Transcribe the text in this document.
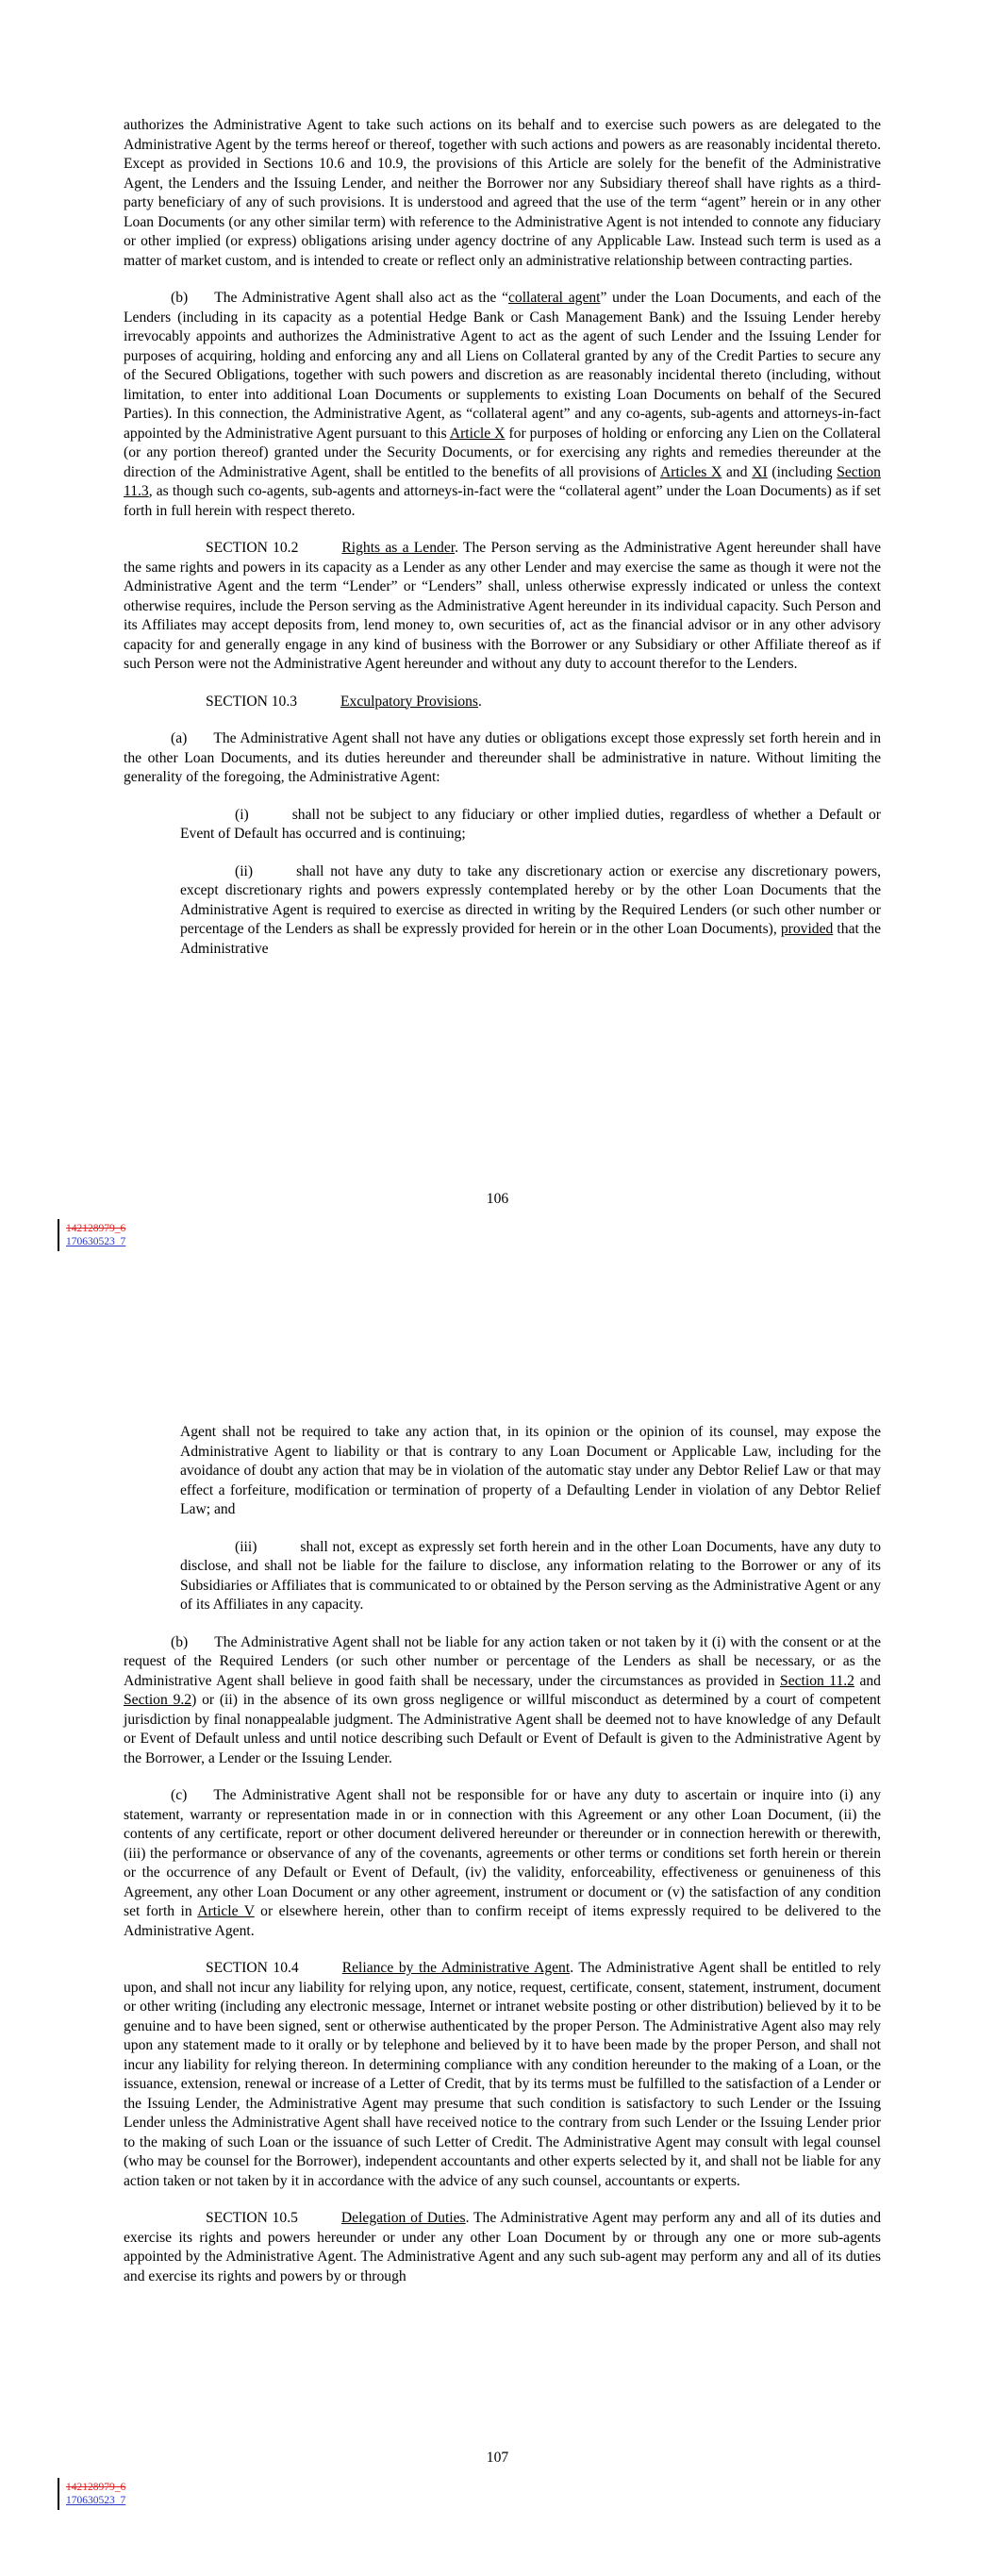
authorizes the Administrative Agent to take such actions on its behalf and to exercise such powers as are delegated to the Administrative Agent by the terms hereof or thereof, together with such actions and powers as are reasonably incidental thereto. Except as provided in Sections 10.6 and 10.9, the provisions of this Article are solely for the benefit of the Administrative Agent, the Lenders and the Issuing Lender, and neither the Borrower nor any Subsidiary thereof shall have rights as a third-party beneficiary of any of such provisions. It is understood and agreed that the use of the term “agent” herein or in any other Loan Documents (or any other similar term) with reference to the Administrative Agent is not intended to connote any fiduciary or other implied (or express) obligations arising under agency doctrine of any Applicable Law. Instead such term is used as a matter of market custom, and is intended to create or reflect only an administrative relationship between contracting parties.

(b) The Administrative Agent shall also act as the “collateral agent” under the Loan Documents, and each of the Lenders (including in its capacity as a potential Hedge Bank or Cash Management Bank) and the Issuing Lender hereby irrevocably appoints and authorizes the Administrative Agent to act as the agent of such Lender and the Issuing Lender for purposes of acquiring, holding and enforcing any and all Liens on Collateral granted by any of the Credit Parties to secure any of the Secured Obligations, together with such powers and discretion as are reasonably incidental thereto (including, without limitation, to enter into additional Loan Documents or supplements to existing Loan Documents on behalf of the Secured Parties). In this connection, the Administrative Agent, as “collateral agent” and any co-agents, sub-agents and attorneys-in-fact appointed by the Administrative Agent pursuant to this Article X for purposes of holding or enforcing any Lien on the Collateral (or any portion thereof) granted under the Security Documents, or for exercising any rights and remedies thereunder at the direction of the Administrative Agent, shall be entitled to the benefits of all provisions of Articles X and XI (including Section 11.3, as though such co-agents, sub-agents and attorneys-in-fact were the “collateral agent” under the Loan Documents) as if set forth in full herein with respect thereto.

SECTION 10.2	Rights as a Lender. The Person serving as the Administrative Agent hereunder shall have the same rights and powers in its capacity as a Lender as any other Lender and may exercise the same as though it were not the Administrative Agent and the term “Lender” or “Lenders” shall, unless otherwise expressly indicated or unless the context otherwise requires, include the Person serving as the Administrative Agent hereunder in its individual capacity. Such Person and its Affiliates may accept deposits from, lend money to, own securities of, act as the financial advisor or in any other advisory capacity for and generally engage in any kind of business with the Borrower or any Subsidiary or other Affiliate thereof as if such Person were not the Administrative Agent hereunder and without any duty to account therefor to the Lenders.

SECTION 10.3	Exculpatory Provisions.

(a) The Administrative Agent shall not have any duties or obligations except those expressly set forth herein and in the other Loan Documents, and its duties hereunder and thereunder shall be administrative in nature. Without limiting the generality of the foregoing, the Administrative Agent:

(i)	shall not be subject to any fiduciary or other implied duties, regardless of whether a Default or Event of Default has occurred and is continuing;

(ii)	shall not have any duty to take any discretionary action or exercise any discretionary powers, except discretionary rights and powers expressly contemplated hereby or by the other Loan Documents that the Administrative Agent is required to exercise as directed in writing by the Required Lenders (or such other number or percentage of the Lenders as shall be expressly provided for herein or in the other Loan Documents), provided that the Administrative

106
142128979_6
170630523_7

Agent shall not be required to take any action that, in its opinion or the opinion of its counsel, may expose the Administrative Agent to liability or that is contrary to any Loan Document or Applicable Law, including for the avoidance of doubt any action that may be in violation of the automatic stay under any Debtor Relief Law or that may effect a forfeiture, modification or termination of property of a Defaulting Lender in violation of any Debtor Relief Law; and

(iii)	shall not, except as expressly set forth herein and in the other Loan Documents, have any duty to disclose, and shall not be liable for the failure to disclose, any information relating to the Borrower or any of its Subsidiaries or Affiliates that is communicated to or obtained by the Person serving as the Administrative Agent or any of its Affiliates in any capacity.

(b) The Administrative Agent shall not be liable for any action taken or not taken by it (i) with the consent or at the request of the Required Lenders (or such other number or percentage of the Lenders as shall be necessary, or as the Administrative Agent shall believe in good faith shall be necessary, under the circumstances as provided in Section 11.2 and Section 9.2) or (ii) in the absence of its own gross negligence or willful misconduct as determined by a court of competent jurisdiction by final nonappealable judgment. The Administrative Agent shall be deemed not to have knowledge of any Default or Event of Default unless and until notice describing such Default or Event of Default is given to the Administrative Agent by the Borrower, a Lender or the Issuing Lender.

(c) The Administrative Agent shall not be responsible for or have any duty to ascertain or inquire into (i) any statement, warranty or representation made in or in connection with this Agreement or any other Loan Document, (ii) the contents of any certificate, report or other document delivered hereunder or thereunder or in connection herewith or therewith, (iii) the performance or observance of any of the covenants, agreements or other terms or conditions set forth herein or therein or the occurrence of any Default or Event of Default, (iv) the validity, enforceability, effectiveness or genuineness of this Agreement, any other Loan Document or any other agreement, instrument or document or (v) the satisfaction of any condition set forth in Article V or elsewhere herein, other than to confirm receipt of items expressly required to be delivered to the Administrative Agent.

SECTION 10.4	Reliance by the Administrative Agent. The Administrative Agent shall be entitled to rely upon, and shall not incur any liability for relying upon, any notice, request, certificate, consent, statement, instrument, document or other writing (including any electronic message, Internet or intranet website posting or other distribution) believed by it to be genuine and to have been signed, sent or otherwise authenticated by the proper Person. The Administrative Agent also may rely upon any statement made to it orally or by telephone and believed by it to have been made by the proper Person, and shall not incur any liability for relying thereon. In determining compliance with any condition hereunder to the making of a Loan, or the issuance, extension, renewal or increase of a Letter of Credit, that by its terms must be fulfilled to the satisfaction of a Lender or the Issuing Lender, the Administrative Agent may presume that such condition is satisfactory to such Lender or the Issuing Lender unless the Administrative Agent shall have received notice to the contrary from such Lender or the Issuing Lender prior to the making of such Loan or the issuance of such Letter of Credit. The Administrative Agent may consult with legal counsel (who may be counsel for the Borrower), independent accountants and other experts selected by it, and shall not be liable for any action taken or not taken by it in accordance with the advice of any such counsel, accountants or experts.

SECTION 10.5	Delegation of Duties. The Administrative Agent may perform any and all of its duties and exercise its rights and powers hereunder or under any other Loan Document by or through any one or more sub-agents appointed by the Administrative Agent. The Administrative Agent and any such sub-agent may perform any and all of its duties and exercise its rights and powers by or through

107
142128979_6
170630523_7
